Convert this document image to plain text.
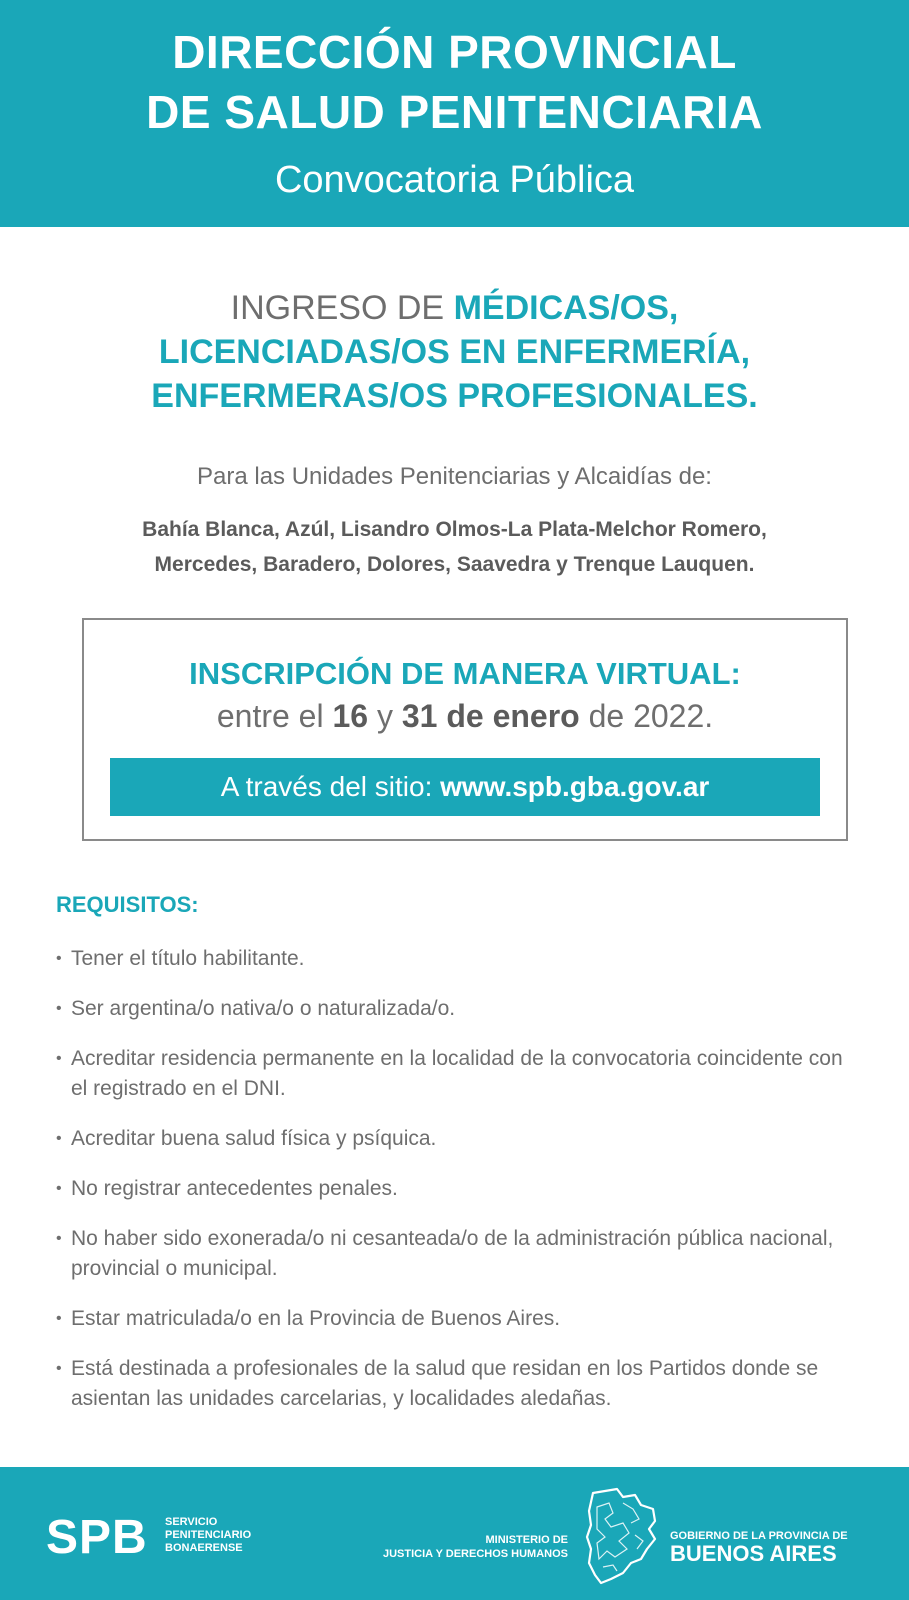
DIRECCIÓN PROVINCIAL
DE SALUD PENITENCIARIA
Convocatoria Pública
INGRESO DE MÉDICAS/OS,
LICENCIADAS/OS EN ENFERMERÍA,
ENFERMERAS/OS PROFESIONALES.
Para las Unidades Penitenciarias y Alcaidías de:
Bahía Blanca, Azúl, Lisandro Olmos-La Plata-Melchor Romero,
Mercedes, Baradero, Dolores, Saavedra y Trenque Lauquen.
INSCRIPCIÓN DE MANERA VIRTUAL:
entre el 16 y 31 de enero de 2022.
A través del sitio: www.spb.gba.gov.ar
REQUISITOS:
• Tener el título habilitante.
• Ser argentina/o nativa/o o naturalizada/o.
• Acreditar residencia permanente en la localidad de la convocatoria coincidente con el registrado en el DNI.
• Acreditar buena salud física y psíquica.
• No registrar antecedentes penales.
• No haber sido exonerada/o ni cesanteada/o de la administración pública nacional, provincial o municipal.
• Estar matriculada/o en la Provincia de Buenos Aires.
• Está destinada a profesionales de la salud que residan en los Partidos donde se asientan las unidades carcelarias, y localidades aledañas.
SPB SERVICIO
PENITENCIARIO
BONAERENSE
MINISTERIO DE
JUSTICIA Y DERECHOS HUMANOS
GOBIERNO DE LA PROVINCIA DE
BUENOS AIRES
